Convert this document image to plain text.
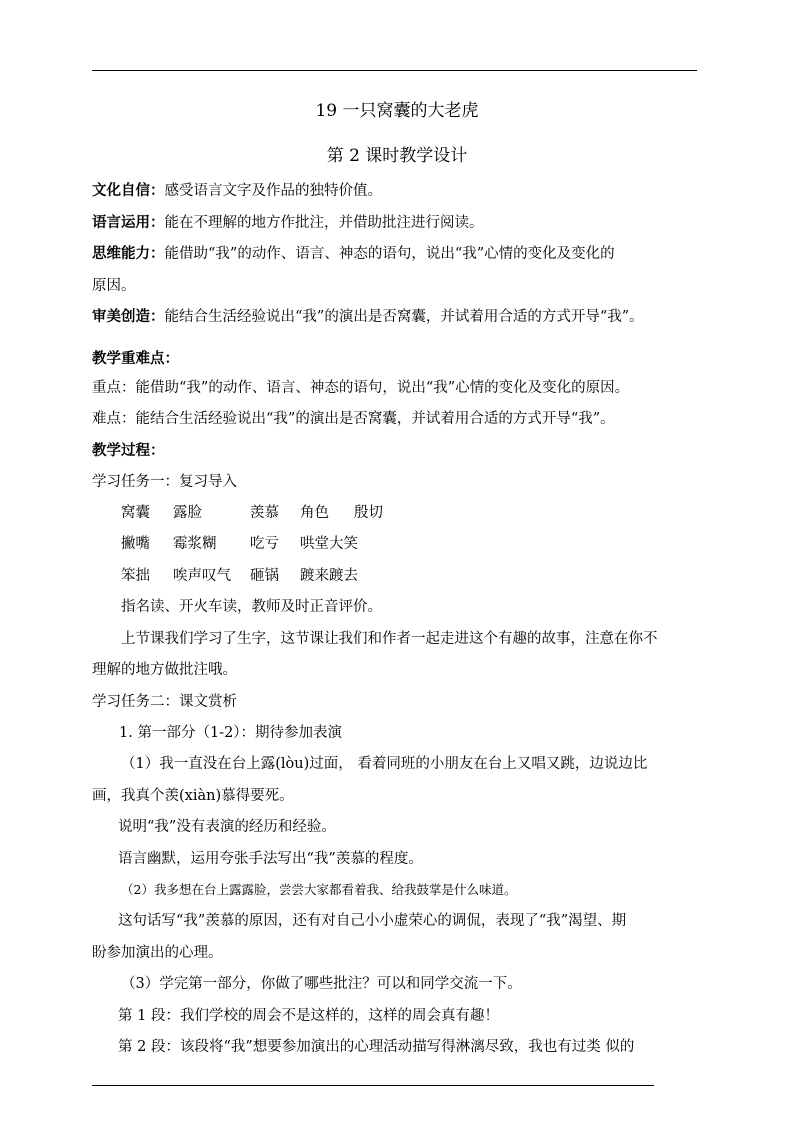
19 一只窝囊的大老虎
第 2 课时教学设计
文化自信：感受语言文字及作品的独特价值。
语言运用：能在不理解的地方作批注，并借助批注进行阅读。
思维能力：能借助“我”的动作、语言、神态的语句，说出“我”心情的变化及变化的
原因。
审美创造：能结合生活经验说出“我”的演出是否窝囊，并试着用合适的方式开导“我”。
教学重难点：
重点：能借助“我”的动作、语言、神态的语句，说出“我”心情的变化及变化的原因。
难点：能结合生活经验说出“我”的演出是否窝囊，并试着用合适的方式开导“我”。
教学过程：
学习任务一：复习导入
窝囊 露脸	羡慕 角色 殷切
撇嘴 霉浆糊 吃亏 哄堂大笑
笨拙 唉声叹气 砸锅 踱来踱去
指名读、开火车读，教师及时正音评价。
上节课我们学习了生字，这节课让我们和作者一起走进这个有趣的故事，注意在你不
理解的地方做批注哦。
学习任务二：课文赏析
1. 第一部分（1-2）：期待参加表演
（1）我一直没在台上露(lòu)过面， 看着同班的小朋友在台上又唱又跳，边说边比
画，我真个羡(xiàn)慕得要死。
说明“我”没有表演的经历和经验。
语言幽默，运用夸张手法写出“我”羡慕的程度。
（2）我多想在台上露露脸，尝尝大家都看着我、给我鼓掌是什么味道。
这句话写“我”羡慕的原因，还有对自己小小虚荣心的调侃，表现了“我”渴望、期
盼参加演出的心理。
（3）学完第一部分，你做了哪些批注？可以和同学交流一下。
第 1 段：我们学校的周会不是这样的，这样的周会真有趣！
第 2 段：该段将“我”想要参加演出的心理活动描写得淋漓尽致，我也有过类 似的
